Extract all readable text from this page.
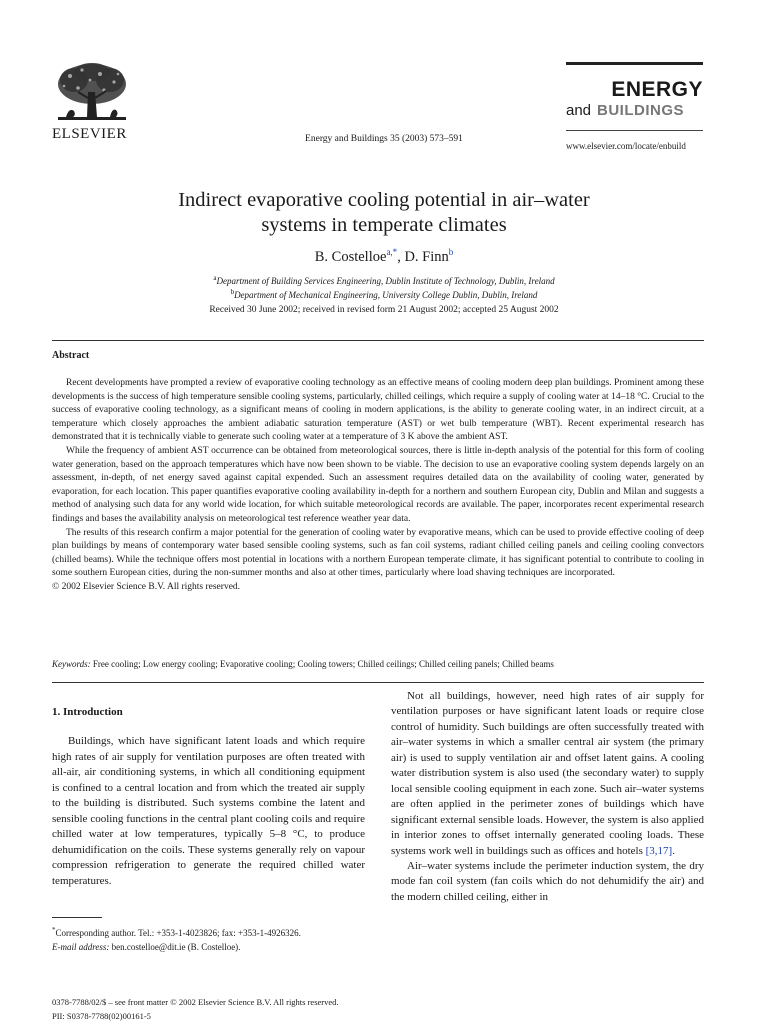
ELSEVIER	Energy and Buildings 35 (2003) 573–591
ENERGY
and BUILDINGS
www.elsevier.com/locate/enbuild
Indirect evaporative cooling potential in air–water
systems in temperate climates
B. Costelloe$^{a,*}$, D. Finn$^b$
$^a$Department of Building Services Engineering, Dublin Institute of Technology, Dublin, Ireland
$^b$Department of Mechanical Engineering, University College Dublin, Dublin, Ireland
Received 30 June 2002; received in revised form 21 August 2002; accepted 25 August 2002
Abstract

Recent developments have prompted a review of evaporative cooling technology as an effective means of cooling modern deep plan buildings. Prominent among these developments is the success of high temperature sensible cooling systems, particularly, chilled ceilings, which require a supply of cooling water at 14–18 °C. Crucial to the success of evaporative cooling technology, as a significant means of cooling in modern applications, is the ability to generate cooling water, in an indirect circuit, at a temperature which closely approaches the ambient adiabatic saturation temperature (AST) or wet bulb temperature (WBT). Recent experimental research has demonstrated that it is technically viable to generate such cooling water at a temperature of 3 K above the ambient AST.

While the frequency of ambient AST occurrence can be obtained from meteorological sources, there is little in-depth analysis of the potential for this form of cooling water generation, based on the approach temperatures which have now been shown to be viable. The decision to use an evaporative cooling system depends largely on an assessment, in-depth, of net energy saved against capital expended. Such an assessment requires detailed data on the availability of cooling water, generated by evaporation, for each location. This paper quantifies evaporative cooling availability in-depth for a northern and southern European city, Dublin and Milan and suggests a method of analysing such data for any world wide location, for which suitable meteorological records are available. The paper, incorporates recent experimental research findings and bases the availability analysis on meteorological test reference weather year data.

The results of this research confirm a major potential for the generation of cooling water by evaporative means, which can be used to provide effective cooling of deep plan buildings by means of contemporary water based sensible cooling systems, such as fan coil systems, radiant chilled ceiling panels and ceiling cooling convectors (chilled beams). While the technique offers most potential in locations with a northern European temperate climate, it has significant potential to contribute to cooling in some southern European cities, during the non-summer months and also at other times, particularly where load shaving techniques are incorporated.

© 2002 Elsevier Science B.V. All rights reserved.

Keywords: Free cooling; Low energy cooling; Evaporative cooling; Cooling towers; Chilled ceilings; Chilled ceiling panels; Chilled beams
1. Introduction

Buildings, which have significant latent loads and which require high rates of air supply for ventilation purposes are often treated with all-air, air conditioning systems, in which all conditioning equipment is confined to a central location and from which the treated air supply to the building is distributed. Such systems combine the latent and sensible cooling functions in the central plant cooling coils and require chilled water at low temperatures, typically 5–8 °C, to produce dehumidification on the coils. These systems generally rely on vapour compression refrigeration to generate the required chilled water temperatures.

Not all buildings, however, need high rates of air supply for ventilation purposes or have significant latent loads or require close control of humidity. Such buildings are often successfully treated with air–water systems in which a smaller central air system (the primary air) is used to supply ventilation air and offset latent gains. A cooling water distribution system is also used (the secondary water) to supply local sensible cooling equipment in each zone. Such air–water systems are often applied in the perimeter zones of buildings which have significant external sensible loads. However, the system is also applied in interior zones to offset internally generated cooling loads. These systems work well in buildings such as offices and hotels [3,17].

Air–water systems include the perimeter induction system, the dry mode fan coil system (fan coils which do not dehumidify the air) and the modern chilled ceiling, either in

*Corresponding author. Tel.: +353-1-4023826; fax: +353-1-4926326.
E-mail address: ben.costelloe@dit.ie (B. Costelloe).
0378-7788/02/$ – see front matter © 2002 Elsevier Science B.V. All rights reserved.
PII: S0378-7788(02)00161-5
